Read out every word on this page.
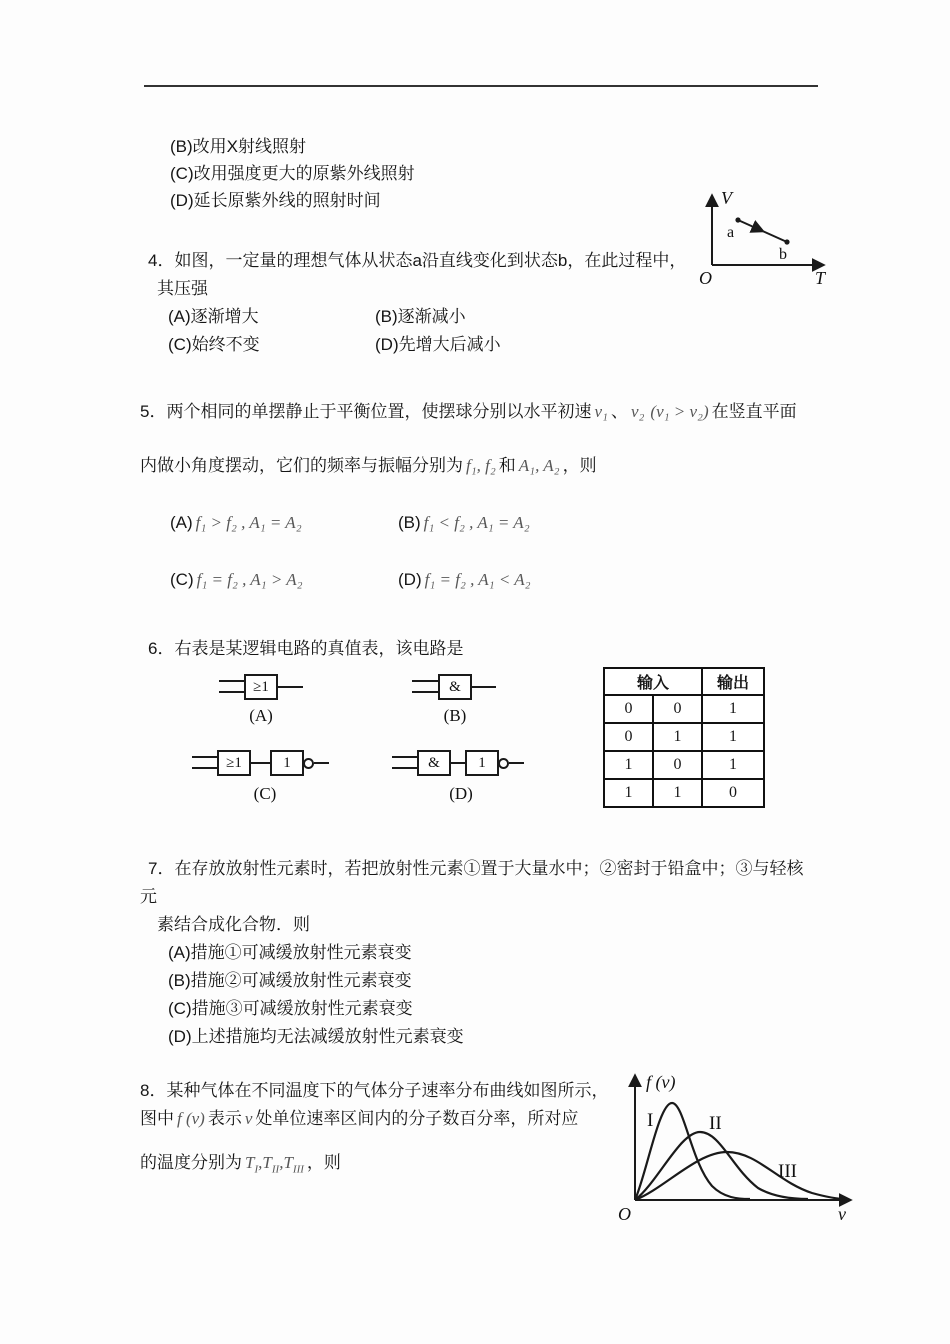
(B)改用X射线照射
(C)改用强度更大的原紫外线照射
(D)延长原紫外线的照射时间	V
T
O
a
b
4．如图，一定量的理想气体从状态a沿直线变化到状态b，在此过程中，
其压强
(A)逐渐增大	(B)逐渐减小
(C)始终不变	(D)先增大后减小
5．两个相同的单摆静止于平衡位置，使摆球分别以水平初速 v₁ 、 v₂ (v₁ > v₂) 在竖直平面
内做小角度摆动，它们的频率与振幅分别为 f₁, f₂ 和 A₁, A₂ ，则
(A) f₁ > f₂ , A₁ = A₂	(B) f₁ < f₂ , A₁ = A₂
(C) f₁ = f₂ , A₁ > A₂	(D) f₁ = f₂ , A₁ < A₂
6．右表是某逻辑电路的真值表，该电路是
≥1
(A)
&
(B)
≥1	1
(C)
&	1
(D)
输入		输出
0	0	1
0	1	1
1	0	1
1	1	0
7．在存放放射性元素时，若把放射性元素①置于大量水中；②密封于铅盒中；③与轻核
元
素结合成化合物．则
(A)措施①可减缓放射性元素衰变
(B)措施②可减缓放射性元素衰变
(C)措施③可减缓放射性元素衰变
(D)上述措施均无法减缓放射性元素衰变
8．某种气体在不同温度下的气体分子速率分布曲线如图所示，
图中 f (v) 表示 v 处单位速率区间内的分子数百分率，所对应
的温度分别为 $T_I,T_{II},T_{III}$ ，则
f (v)
v
O
I	II
III
